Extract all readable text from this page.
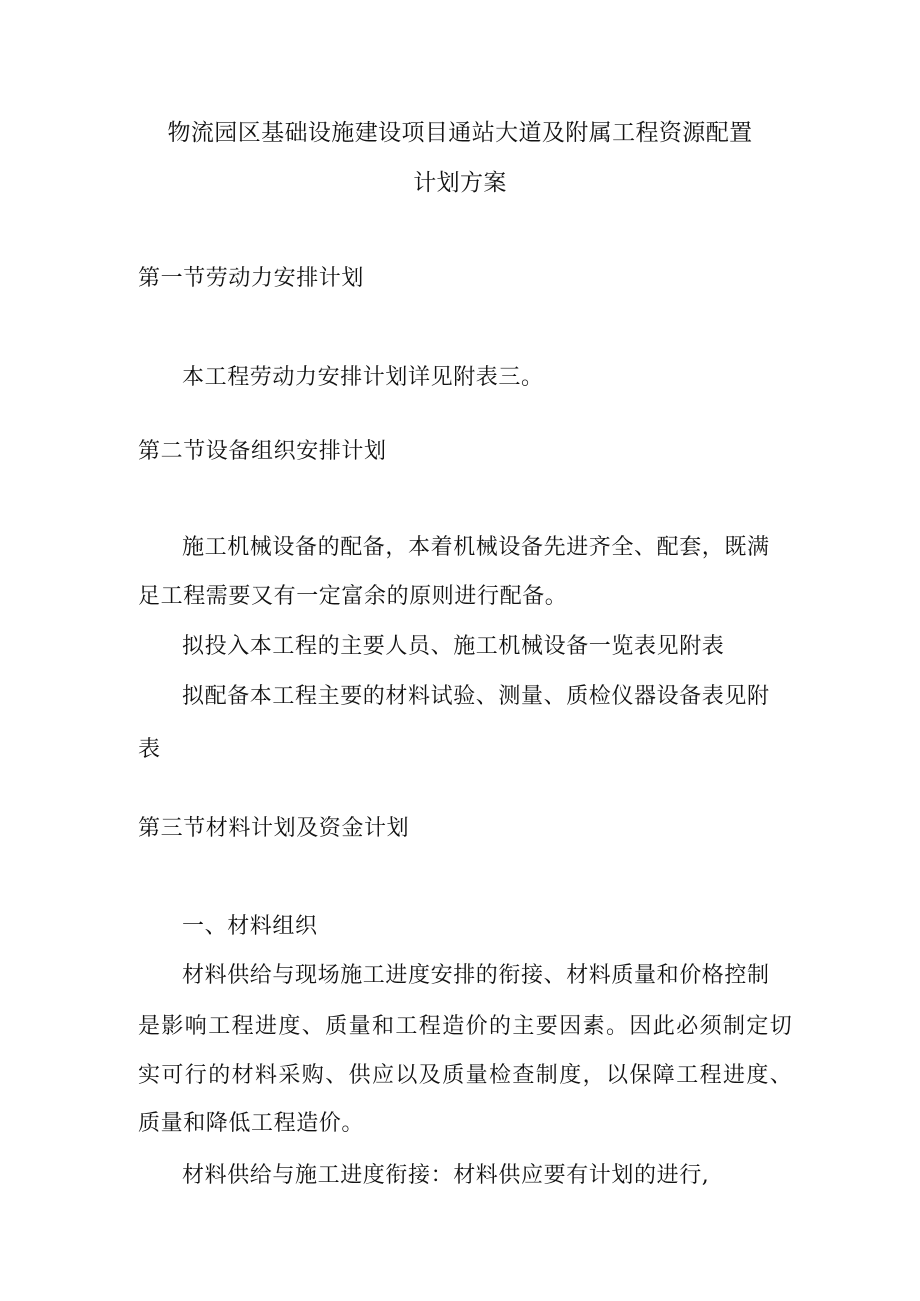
物流园区基础设施建设项目通站大道及附属工程资源配置
计划方案
第一节劳动力安排计划
本工程劳动力安排计划详见附表三。
第二节设备组织安排计划
施工机械设备的配备，本着机械设备先进齐全、配套，既满
足工程需要又有一定富余的原则进行配备。
拟投入本工程的主要人员、施工机械设备一览表见附表
拟配备本工程主要的材料试验、测量、质检仪器设备表见附
表
第三节材料计划及资金计划
一、材料组织
材料供给与现场施工进度安排的衔接、材料质量和价格控制
是影响工程进度、质量和工程造价的主要因素。因此必须制定切
实可行的材料采购、供应以及质量检查制度，以保障工程进度、
质量和降低工程造价。
材料供给与施工进度衔接：材料供应要有计划的进行,
